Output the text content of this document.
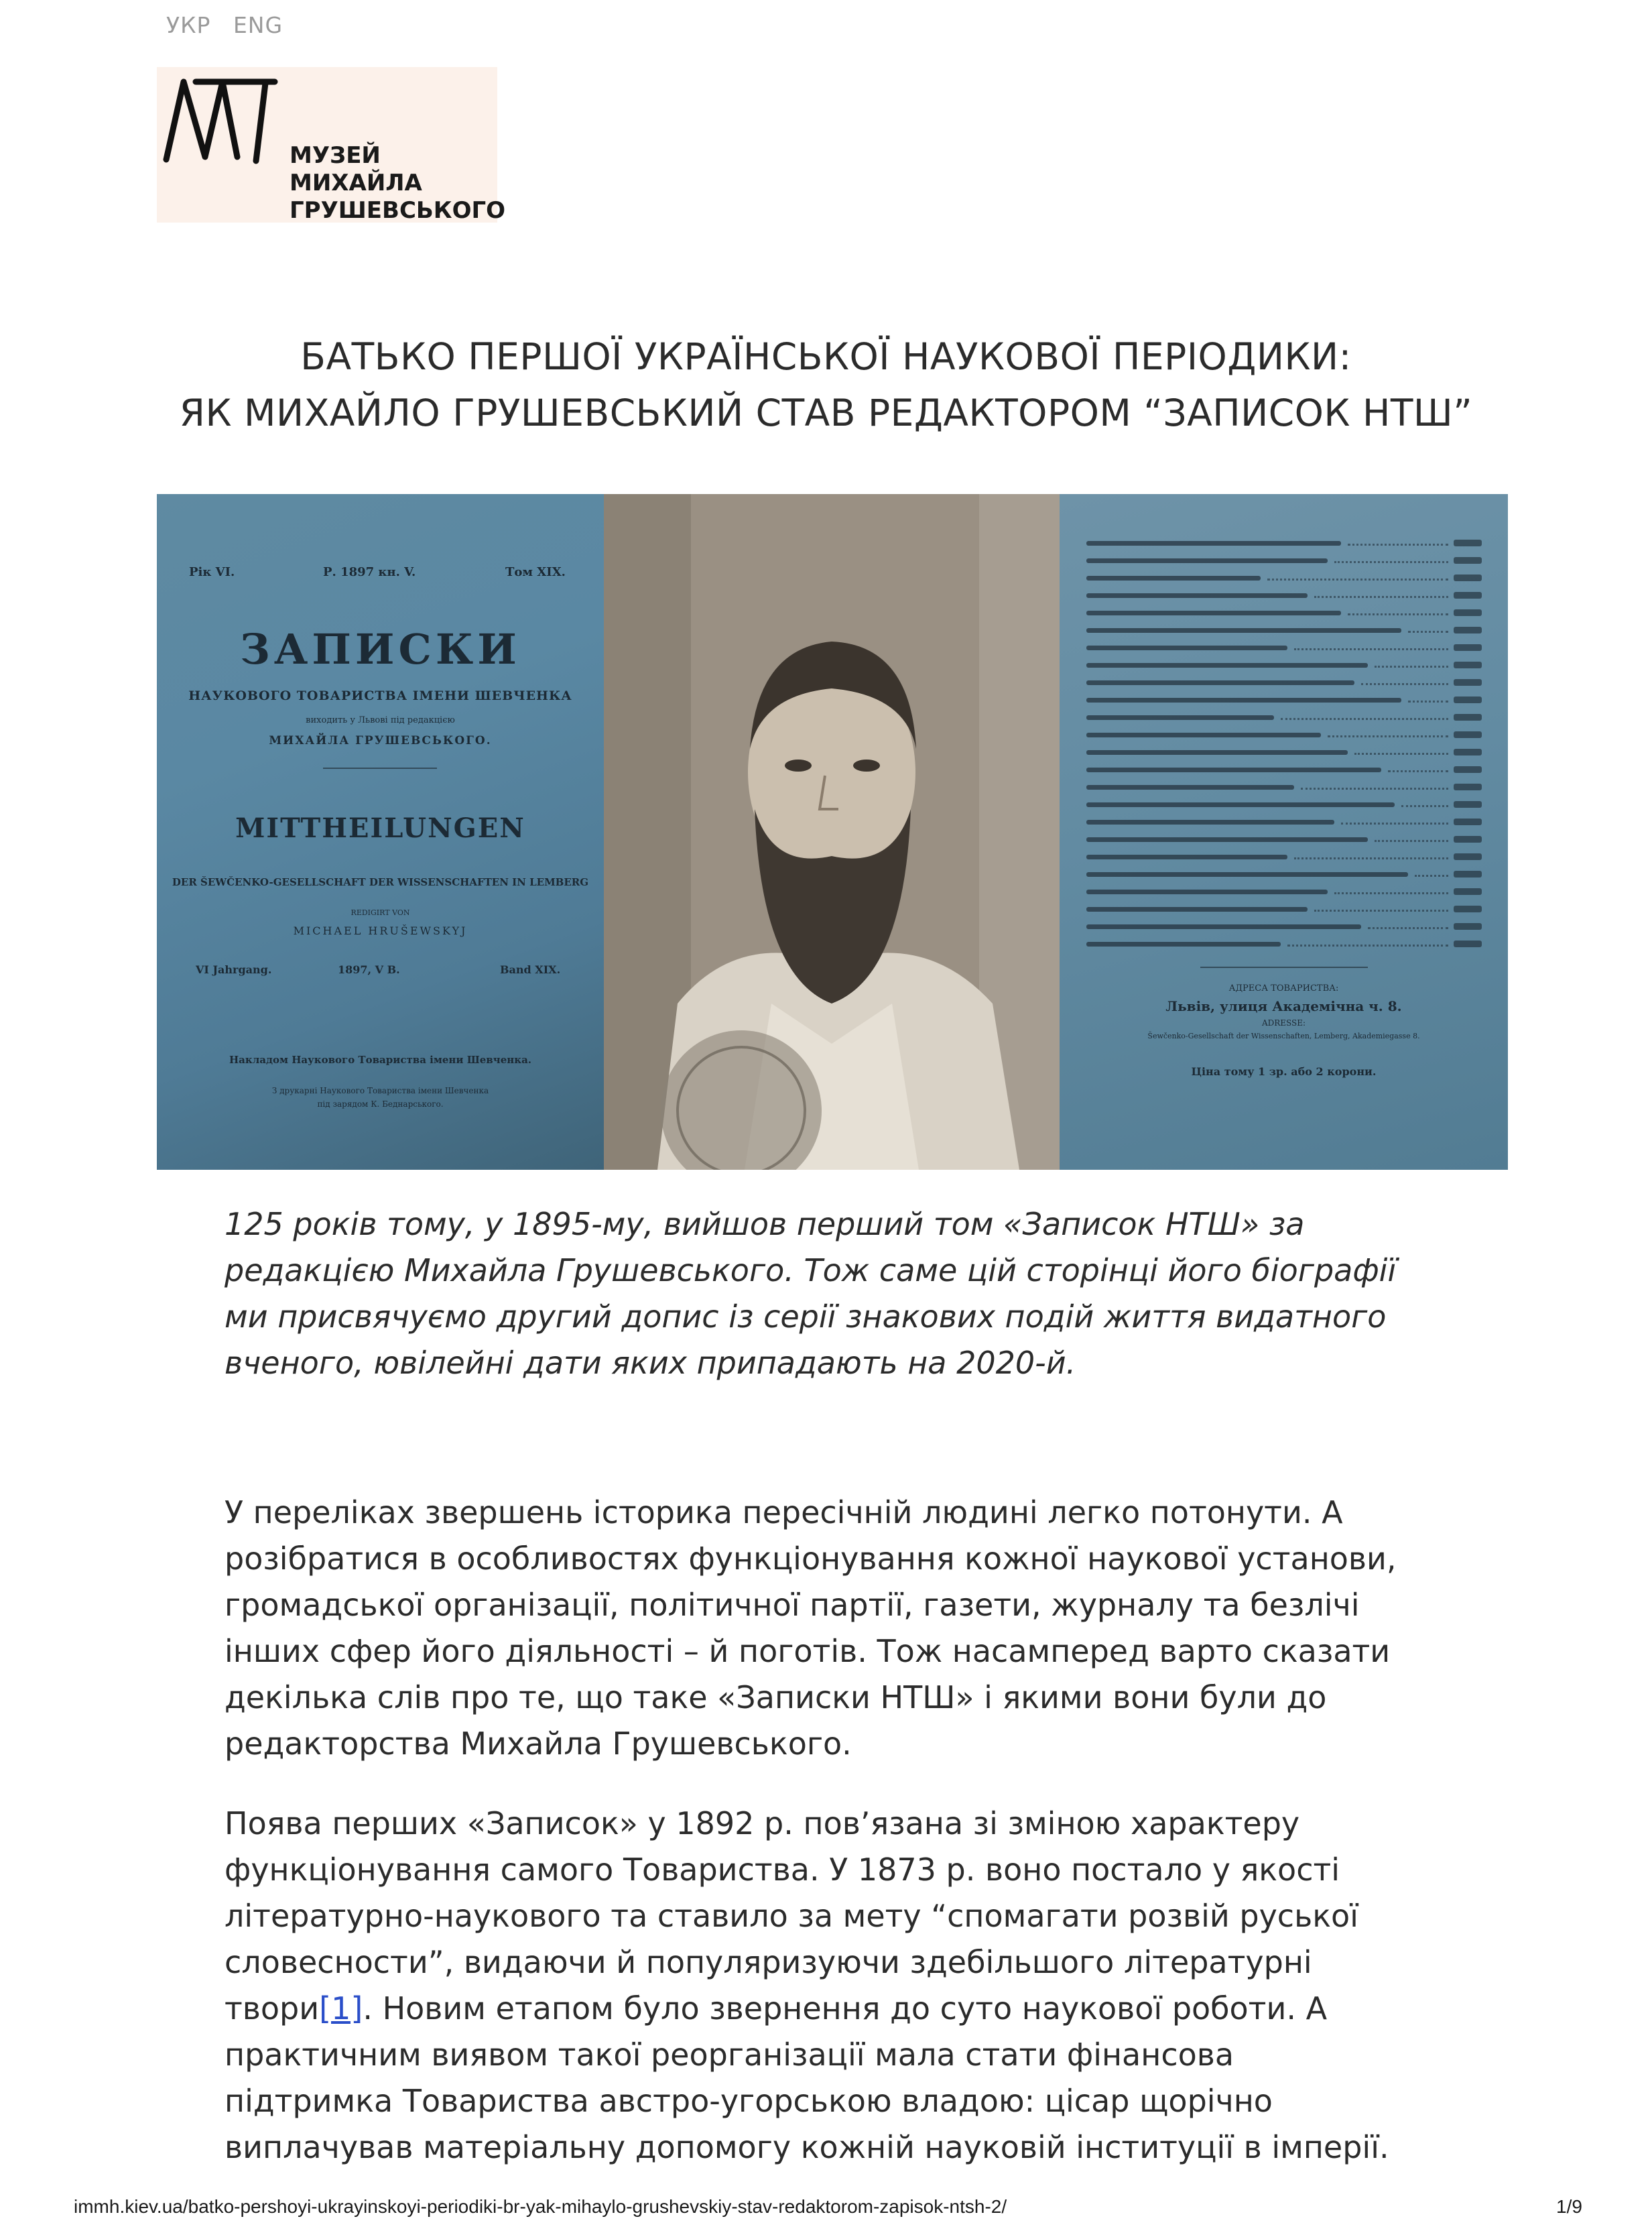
УКР ENG
МУЗЕЙ
МИХАЙЛА
ГРУШЕВСЬКОГО
БАТЬКО ПЕРШОЇ УКРАЇНСЬКОЇ НАУКОВОЇ ПЕРІОДИКИ:
ЯК МИХАЙЛО ГРУШЕВСЬКИЙ СТАВ РЕДАКТОРОМ “ЗАПИСОК НТШ”
Рік VI.	Р. 1897 кн. V.	Том XIX.
ЗАПИСКИ
НАУКОВОГО ТОВАРИСТВА ІМЕНИ ШЕВЧЕНКА
виходить у Львові під редакцією
МИХАЙЛА ГРУШЕВСЬКОГО.
MITTHEILUNGEN
DER ŠEWČENKO-GESELLSCHAFT DER WISSENSCHAFTEN IN LEMBERG
REDIGIRT VON
MICHAEL HRUŠEWSKYJ
VI Jahrgang.	1897, V B.	Band XIX.
Накладом Наукового Товариства імени Шевченка.
З друкарні Наукового Товариства імени Шевченка
під зарядом К. Беднарського.
АДРЕСА ТОВАРИСТВА:
Львів, улиця Академічна ч. 8.
ADRESSE:
Šewčenko-Gesellschaft der Wissenschaften, Lemberg, Akademiegasse 8.
Ціна тому 1 зр. або 2 корони.
125 років тому, у 1895-му, вийшов перший том «Записок НТШ» за
редакцією Михайла Грушевського. Тож саме цій сторінці його біографії
ми присвячуємо другий допис із серії знакових подій життя видатного
вченого, ювілейні дати яких припадають на 2020-й.
У переліках звершень історика пересічній людині легко потонути. А
розібратися в особливостях функціонування кожної наукової установи,
громадської організації, політичної партії, газети, журналу та безлічі
інших сфер його діяльності – й поготів. Тож насамперед варто сказати
декілька слів про те, що таке «Записки НТШ» і якими вони були до
редакторства Михайла Грушевського.
Поява перших «Записок» у 1892 р. пов’язана зі зміною характеру
функціонування самого Товариства. У 1873 р. воно постало у якості
літературно-наукового та ставило за мету “спомагати розвій руської
словесности”, видаючи й популяризуючи здебільшого літературні
твори[1]. Новим етапом було звернення до суто наукової роботи. А
практичним виявом такої реорганізації мала стати фінансова
підтримка Товариства австро-угорською владою: цісар щорічно
виплачував матеріальну допомогу кожній науковій інституції в імперії.
immh.kiev.ua/batko-pershoyi-ukrayinskoyi-periodiki-br-yak-mihaylo-grushevskiy-stav-redaktorom-zapisok-ntsh-2/	1/9
